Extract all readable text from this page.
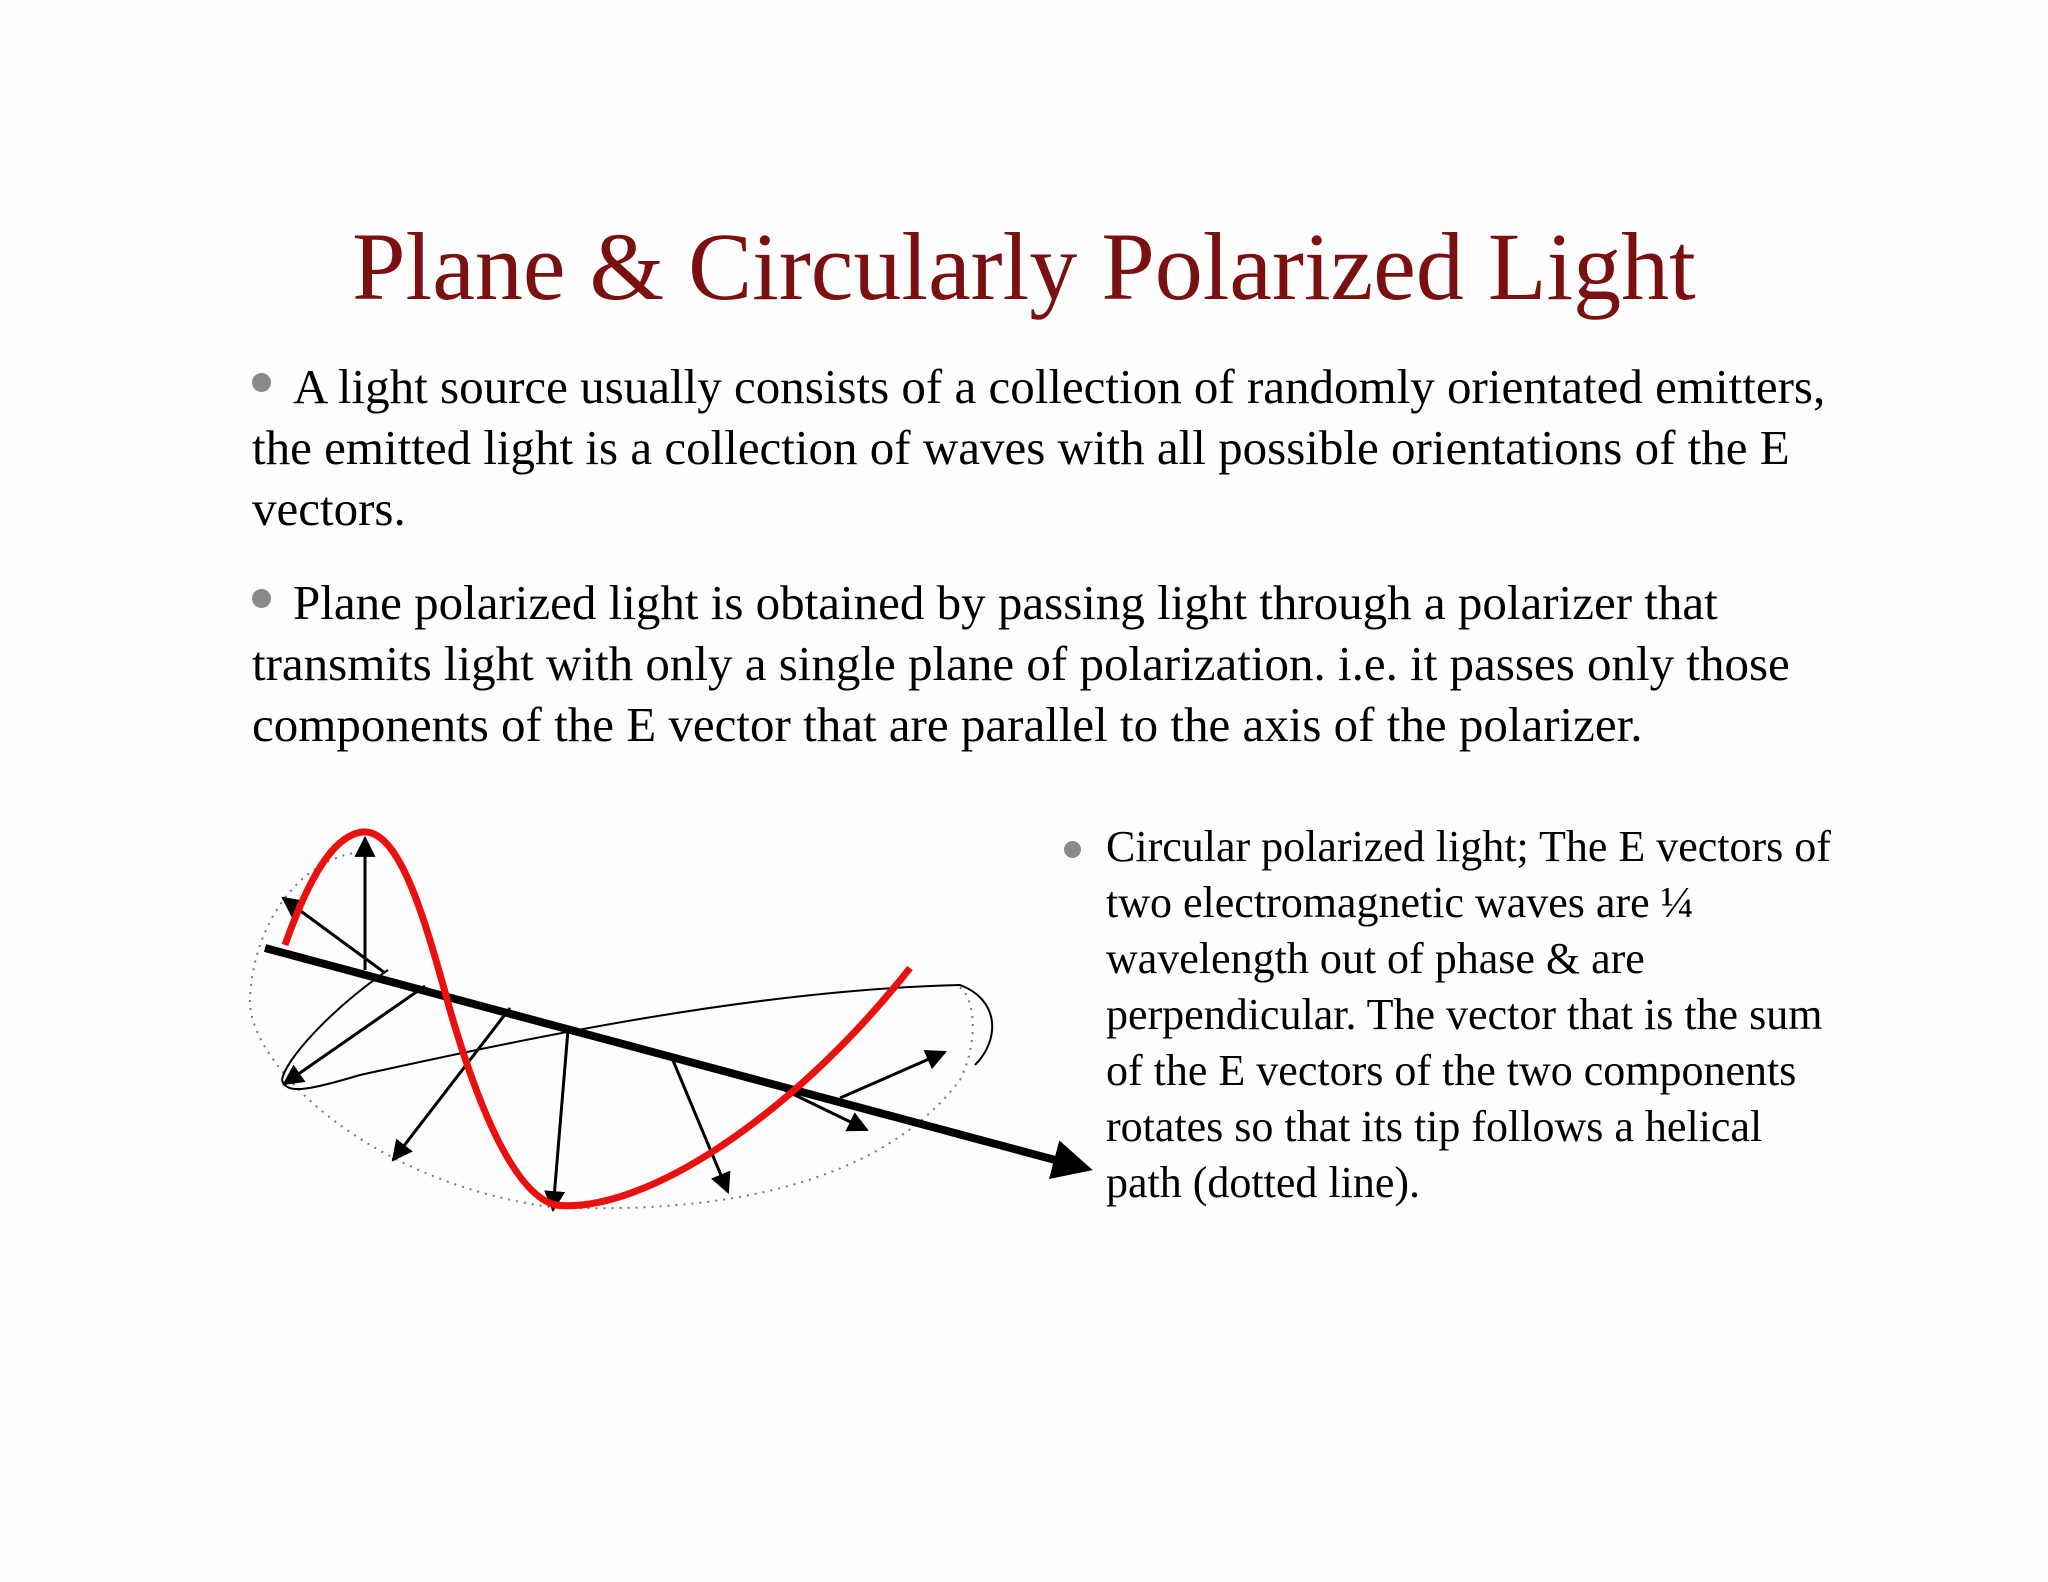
Plane & Circularly Polarized Light
A light source usually consists of a collection of randomly orientated emitters,
the emitted light is a collection of waves with all possible orientations of the E
vectors.
Plane polarized light is obtained by passing light through a polarizer that
transmits light with only a single plane of polarization. i.e. it passes only those
components of the E vector that are parallel to the axis of the polarizer.
Circular polarized light; The E vectors of
two electromagnetic waves are ¼
wavelength out of phase & are
perpendicular. The vector that is the sum
of the E vectors of the two components
rotates so that its tip follows a helical
path (dotted line).
